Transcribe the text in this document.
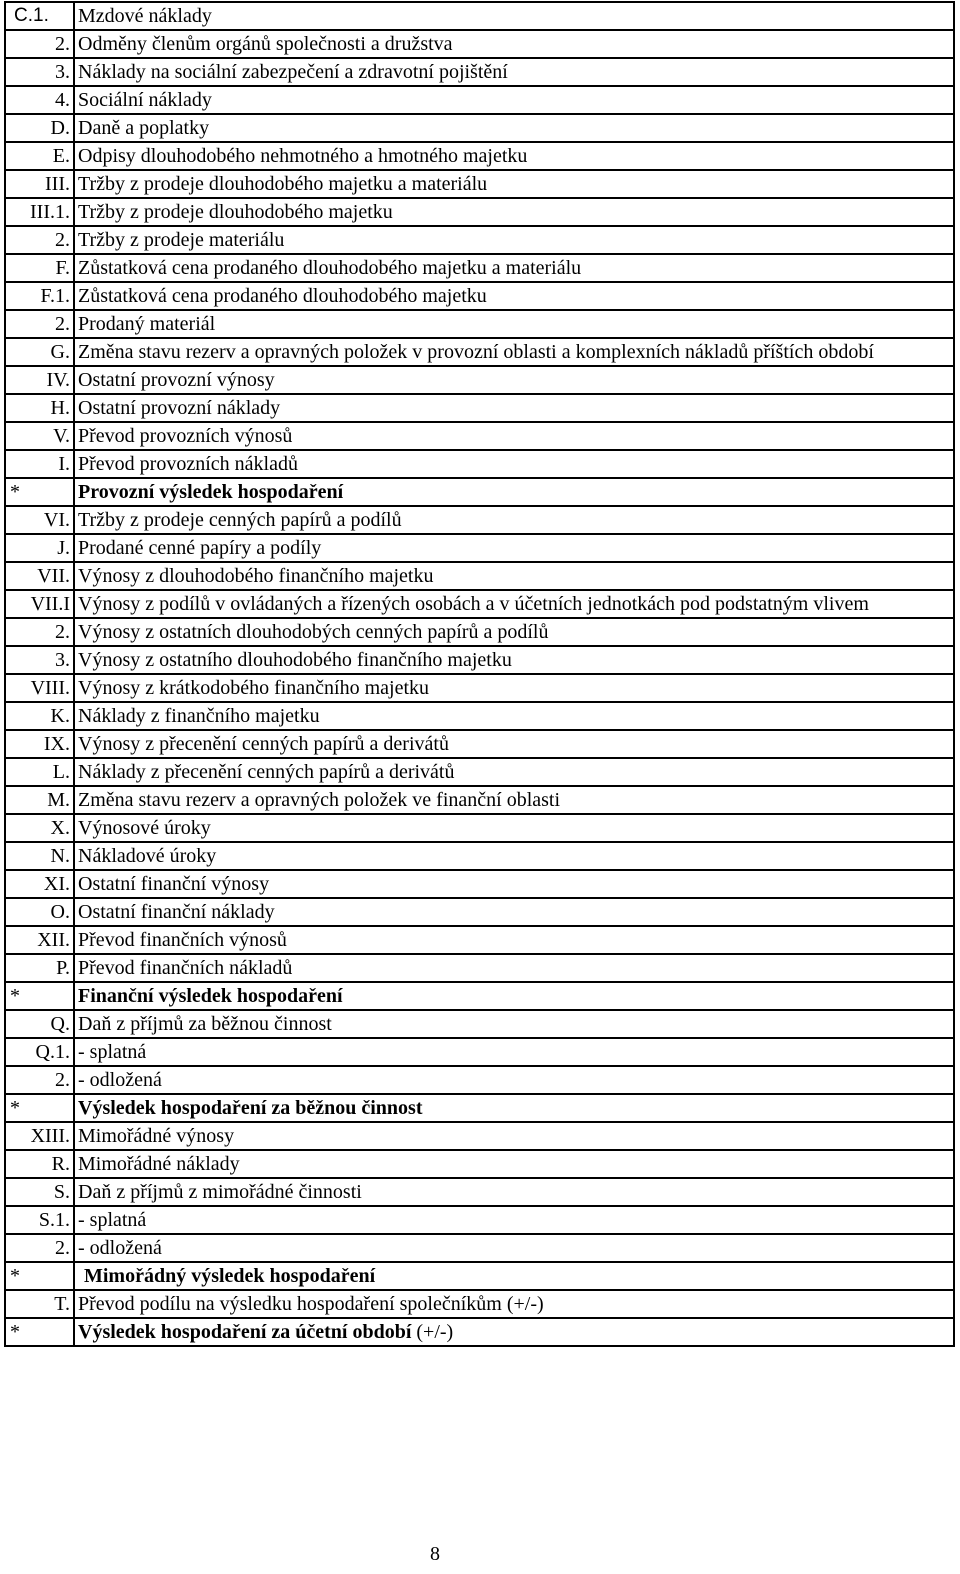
C.1.	Mzdové náklady
2.	Odměny členům orgánů společnosti a družstva
3.	Náklady na sociální zabezpečení a zdravotní pojištění
4.	Sociální náklady
D.	Daně a poplatky
E.	Odpisy dlouhodobého nehmotného a hmotného majetku
III.	Tržby z prodeje dlouhodobého majetku a materiálu
III.1.	Tržby z prodeje dlouhodobého majetku
2.	Tržby z prodeje materiálu
F.	Zůstatková cena prodaného dlouhodobého majetku a materiálu
F.1.	Zůstatková cena prodaného dlouhodobého majetku
2.	Prodaný materiál
G.	Změna stavu rezerv a opravných položek v provozní oblasti a komplexních nákladů příštích období
IV.	Ostatní provozní výnosy
H.	Ostatní provozní náklady
V.	Převod provozních výnosů
I.	Převod provozních nákladů
*	Provozní výsledek hospodaření
VI.	Tržby z prodeje cenných papírů a podílů
J.	Prodané cenné papíry a podíly
VII.	Výnosy z dlouhodobého finančního majetku
VII.I	Výnosy z podílů v ovládaných a řízených osobách a v účetních jednotkách pod podstatným vlivem
2.	Výnosy z ostatních dlouhodobých cenných papírů a podílů
3.	Výnosy z ostatního dlouhodobého finančního majetku
VIII.	Výnosy z krátkodobého finančního majetku
K.	Náklady z finančního majetku
IX.	Výnosy z přecenění cenných papírů a derivátů
L.	Náklady z přecenění cenných papírů a derivátů
M.	Změna stavu rezerv a opravných položek ve finanční oblasti
X.	Výnosové úroky
N.	Nákladové úroky
XI.	Ostatní finanční výnosy
O.	Ostatní finanční náklady
XII.	Převod finančních výnosů
P.	Převod finančních nákladů
*	Finanční výsledek hospodaření
Q.	Daň z příjmů za běžnou činnost
Q.1.	- splatná
2.	- odložená
*	Výsledek hospodaření za běžnou činnost
XIII.	Mimořádné výnosy
R.	Mimořádné náklady
S.	Daň z příjmů z mimořádné činnosti
S.1.	- splatná
2.	- odložená
*	Mimořádný výsledek hospodaření
T.	Převod podílu na výsledku hospodaření společníkům (+/-)
*	Výsledek hospodaření za účetní období (+/-)
8
